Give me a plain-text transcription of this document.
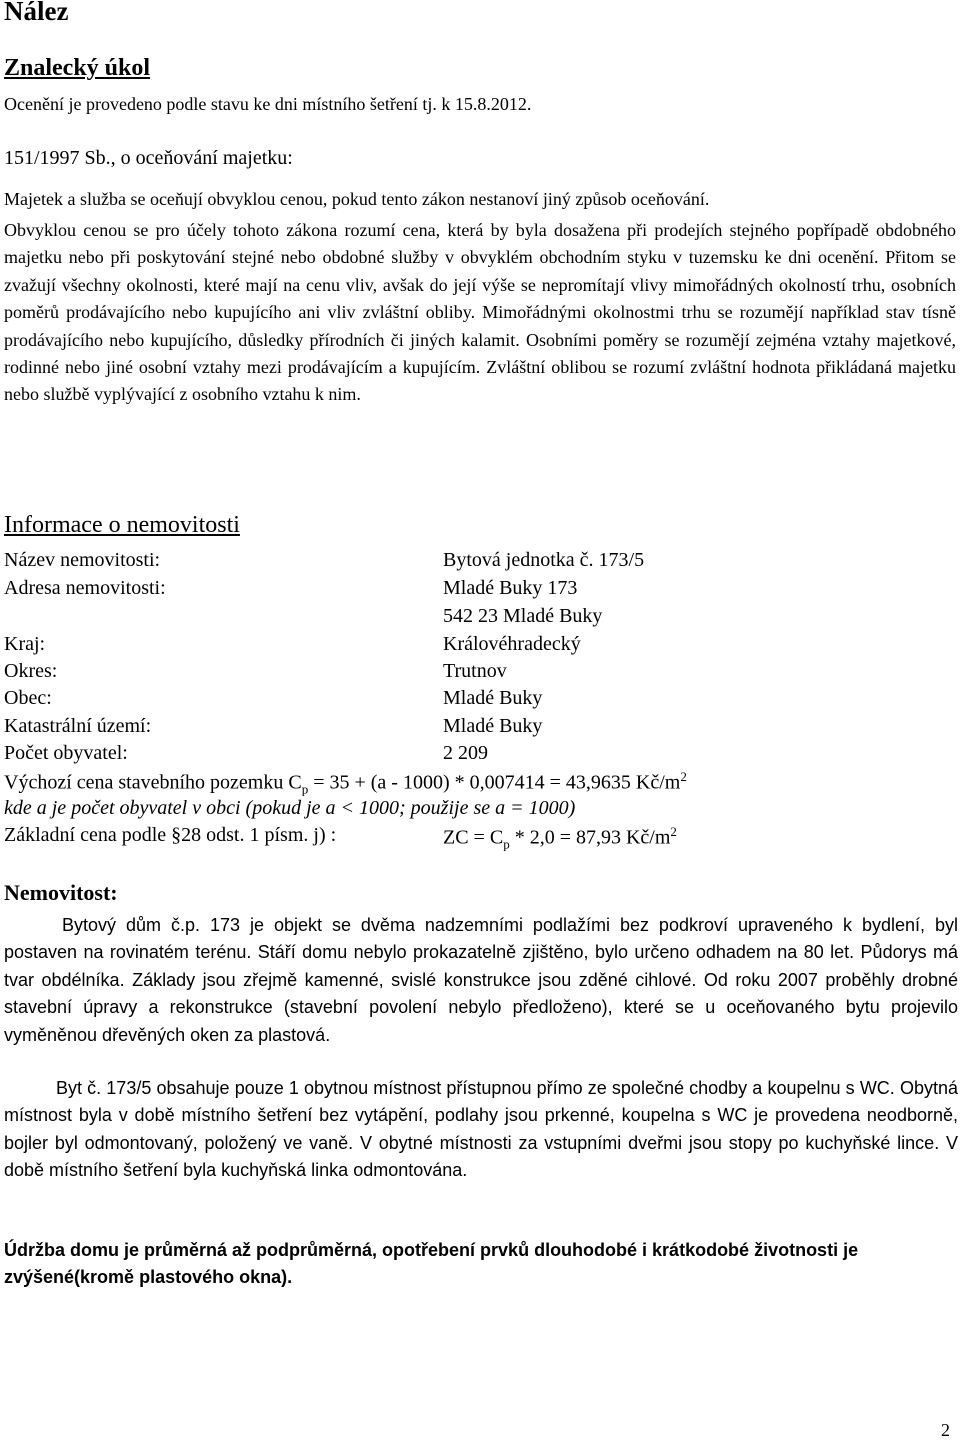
Nález
Znalecký úkol
Ocenění je provedeno podle stavu ke dni místního šetření tj. k 15.8.2012.
151/1997 Sb., o oceňování majetku:
Majetek a služba se oceňují obvyklou cenou, pokud tento zákon nestanoví jiný způsob oceňování.

Obvyklou cenou se pro účely tohoto zákona rozumí cena, která by byla dosažena při prodejích stejného popřípadě obdobného majetku nebo při poskytování stejné nebo obdobné služby v obvyklém obchodním styku v tuzemsku ke dni ocenění. Přitom se zvažují všechny okolnosti, které mají na cenu vliv, avšak do její výše se nepromítají vlivy mimořádných okolností trhu, osobních poměrů prodávajícího nebo kupujícího ani vliv zvláštní obliby. Mimořádnými okolnostmi trhu se rozumějí například stav tísně prodávajícího nebo kupujícího, důsledky přírodních či jiných kalamit. Osobními poměry se rozumějí zejména vztahy majetkové, rodinné nebo jiné osobní vztahy mezi prodávajícím a kupujícím. Zvláštní oblibou se rozumí zvláštní hodnota přikládaná majetku nebo službě vyplývající z osobního vztahu k nim.

Informace o nemovitosti
Název nemovitosti:	Bytová jednotka č. 173/5
Adresa nemovitosti:	Mladé Buky 173
542 23 Mladé Buky
Kraj:	Královéhradecký
Okres:	Trutnov
Obec:	Mladé Buky
Katastrální území:	Mladé Buky
Počet obyvatel:	2 209
Výchozí cena stavebního pozemku $C_p = 35 + (a - 1000) * 0,007414 = 43,9635$ $Kč/m^2$
kde a je počet obyvatel v obci (pokud je a < 1000; použije se a = 1000)
Základní cena podle §28 odst. 1 písm. j) :	ZC = $C_p * 2,0 = 87,93$ $Kč/m^2$
Nemovitost:

Bytový dům č.p. 173 je objekt se dvěma nadzemními podlažími bez podkroví upraveného k bydlení, byl postaven na rovinatém terénu. Stáří domu nebylo prokazatelně zjištěno, bylo určeno odhadem na 80 let. Půdorys má tvar obdélníka. Základy jsou zřejmě kamenné, svislé konstrukce jsou zděné cihlové. Od roku 2007 proběhly drobné stavební úpravy a rekonstrukce (stavební povolení nebylo předloženo), které se u oceňovaného bytu projevilo vyměněnou dřevěných oken za plastová.

Byt č. 173/5 obsahuje pouze 1 obytnou místnost přístupnou přímo ze společné chodby a koupelnu s WC. Obytná místnost byla v době místního šetření bez vytápění, podlahy jsou prkenné, koupelna s WC je provedena neodborně, bojler byl odmontovaný, položený ve vaně. V obytné místnosti za vstupními dveřmi jsou stopy po kuchyňské lince. V době místního šetření byla kuchyňská linka odmontována.

Údržba domu je průměrná až podprůměrná, opotřebení prvků dlouhodobé i krátkodobé životnosti je zvýšené(kromě plastového okna).
2
